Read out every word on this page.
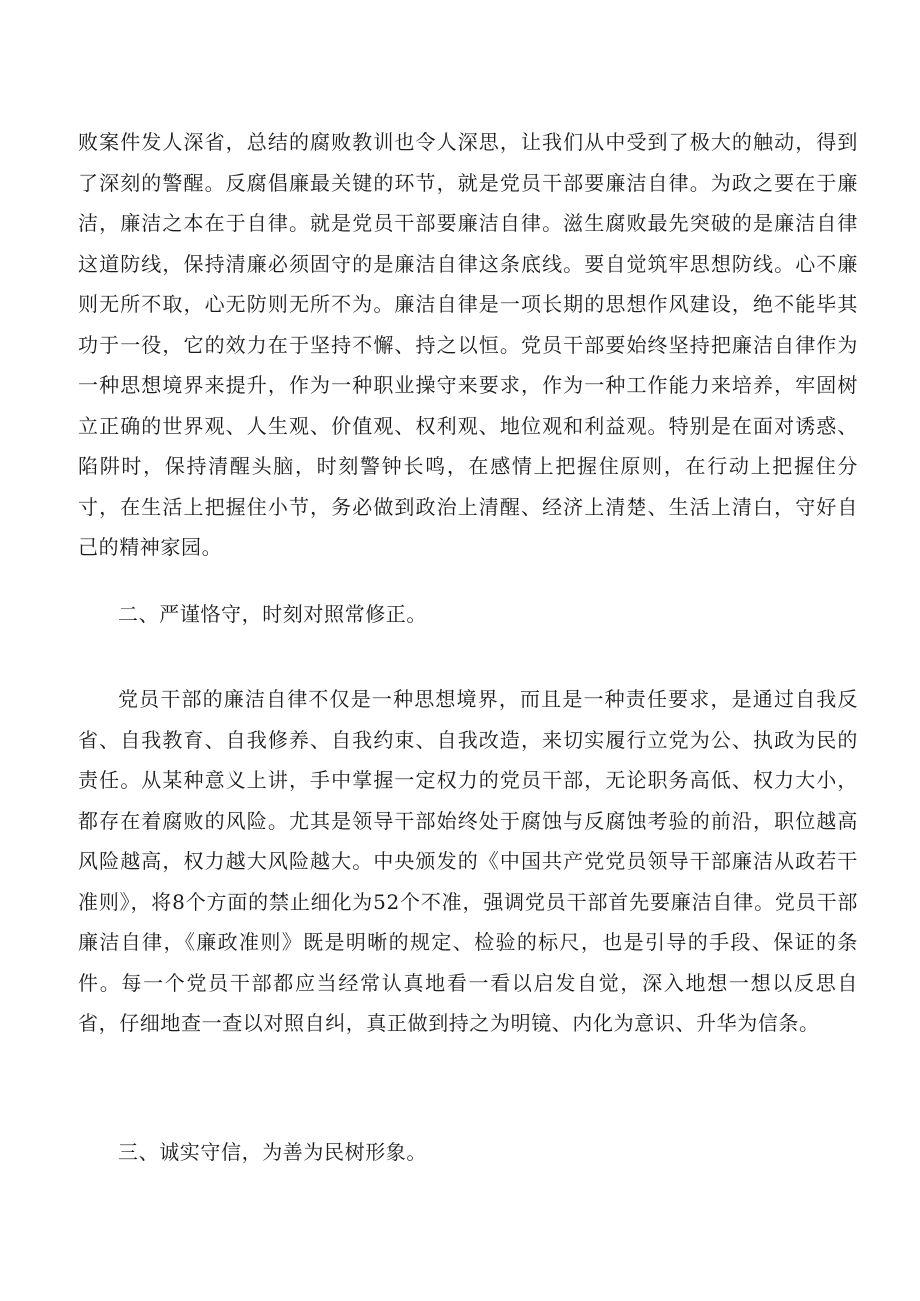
败案件发人深省，总结的腐败教训也令人深思，让我们从中受到了极大的触动，得到了深刻的警醒。反腐倡廉最关键的环节，就是党员干部要廉洁自律。为政之要在于廉洁，廉洁之本在于自律。就是党员干部要廉洁自律。滋生腐败最先突破的是廉洁自律这道防线，保持清廉必须固守的是廉洁自律这条底线。要自觉筑牢思想防线。心不廉则无所不取，心无防则无所不为。廉洁自律是一项长期的思想作风建设，绝不能毕其功于一役，它的效力在于坚持不懈、持之以恒。党员干部要始终坚持把廉洁自律作为一种思想境界来提升，作为一种职业操守来要求，作为一种工作能力来培养，牢固树立正确的世界观、人生观、价值观、权利观、地位观和利益观。特别是在面对诱惑、陷阱时，保持清醒头脑，时刻警钟长鸣，在感情上把握住原则，在行动上把握住分寸，在生活上把握住小节，务必做到政治上清醒、经济上清楚、生活上清白，守好自己的精神家园。
二、严谨恪守，时刻对照常修正。
党员干部的廉洁自律不仅是一种思想境界，而且是一种责任要求，是通过自我反省、自我教育、自我修养、自我约束、自我改造，来切实履行立党为公、执政为民的责任。从某种意义上讲，手中掌握一定权力的党员干部，无论职务高低、权力大小，都存在着腐败的风险。尤其是领导干部始终处于腐蚀与反腐蚀考验的前沿，职位越高风险越高，权力越大风险越大。中央颁发的《中国共产党党员领导干部廉洁从政若干准则》，将8个方面的禁止细化为52个不准，强调党员干部首先要廉洁自律。党员干部廉洁自律，《廉政准则》既是明晰的规定、检验的标尺，也是引导的手段、保证的条件。每一个党员干部都应当经常认真地看一看以启发自觉，深入地想一想以反思自省，仔细地查一查以对照自纠，真正做到持之为明镜、内化为意识、升华为信条。
三、诚实守信，为善为民树形象。
